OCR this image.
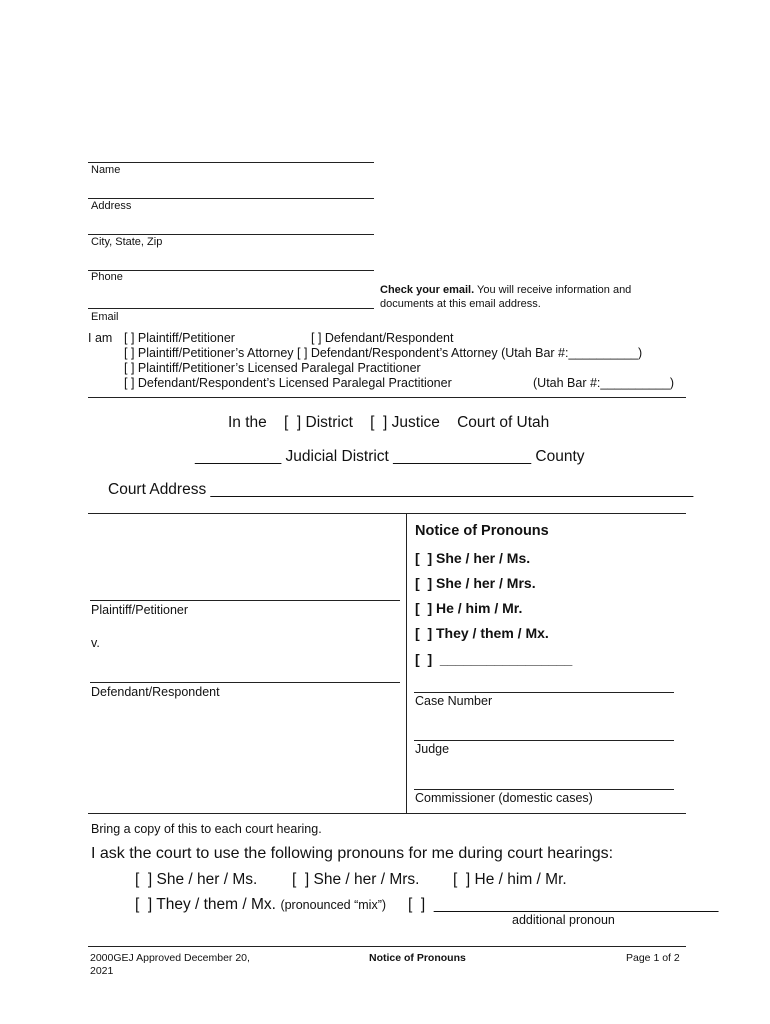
Name
Address
City, State, Zip
Phone
Email
Check your email. You will receive information and
documents at this email address.
I am [ ] Plaintiff/Petitioner	[ ] Defendant/Respondent
[ ] Plaintiff/Petitioner’s Attorney [ ] Defendant/Respondent’s Attorney (Utah Bar #:__________)
[ ] Plaintiff/Petitioner’s Licensed Paralegal Practitioner
[ ] Defendant/Respondent’s Licensed Paralegal Practitioner	(Utah Bar #:__________)
In the    [  ] District    [  ] Justice    Court of Utah
__________ Judicial District ________________ County
Court Address ________________________________________________________
Plaintiff/Petitioner
v.
Defendant/Respondent
Notice of Pronouns
[  ] She / her / Ms.
[  ] She / her / Mrs.
[  ] He / him / Mr.
[  ] They / them / Mx.
[  ]  _________________
Case Number
Judge
Commissioner (domestic cases)
Bring a copy of this to each court hearing.
I ask the court to use the following pronouns for me during court hearings:
[  ] She / her / Ms. [  ] She / her / Mrs. [  ] He / him / Mr.
[  ] They / them / Mx. (pronounced “mix”) [  ]  _________________________________
additional pronoun
2000GEJ Approved December 20,
2021
Notice of Pronouns	Page 1 of 2
